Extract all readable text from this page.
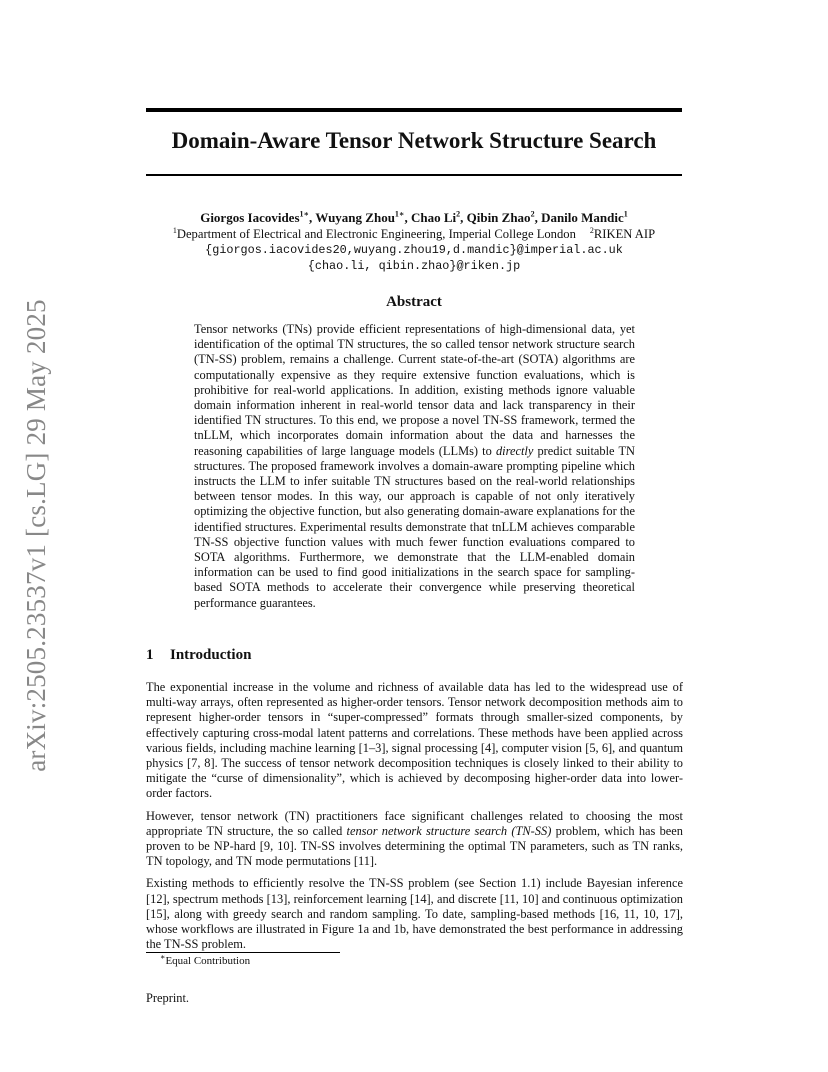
arXiv:2505.23537v1 [cs.LG] 29 May 2025
Domain-Aware Tensor Network Structure Search
Giorgos Iacovides$^{1∗}$, Wuyang Zhou$^{1∗}$, Chao Li$^2$, Qibin Zhao$^2$, Danilo Mandic$^1$
$^1$Department of Electrical and Electronic Engineering, Imperial College London $^2$RIKEN AIP
{giorgos.iacovides20,wuyang.zhou19,d.mandic}@imperial.ac.uk
{chao.li, qibin.zhao}@riken.jp
Abstract

Tensor networks (TNs) provide efficient representations of high-dimensional data, yet identification of the optimal TN structures, the so called tensor network structure search (TN-SS) problem, remains a challenge. Current state-of-the-art (SOTA) algorithms are computationally expensive as they require extensive function evaluations, which is prohibitive for real-world applications. In addition, existing methods ignore valuable domain information inherent in real-world tensor data and lack transparency in their identified TN structures. To this end, we propose a novel TN-SS framework, termed the tnLLM, which incorporates domain information about the data and harnesses the reasoning capabilities of large language models (LLMs) to directly predict suitable TN structures. The proposed framework involves a domain-aware prompting pipeline which instructs the LLM to infer suitable TN structures based on the real-world relationships between tensor modes. In this way, our approach is capable of not only iteratively optimizing the objective function, but also generating domain-aware explanations for the identified structures. Experimental results demonstrate that tnLLM achieves comparable TN-SS objective function values with much fewer function evaluations compared to SOTA algorithms. Furthermore, we demonstrate that the LLM-enabled domain information can be used to find good initializations in the search space for sampling-based SOTA methods to accelerate their convergence while preserving theoretical performance guarantees.

1 Introduction

The exponential increase in the volume and richness of available data has led to the widespread use of multi-way arrays, often represented as higher-order tensors. Tensor network decomposition methods aim to represent higher-order tensors in “super-compressed” formats through smaller-sized components, by effectively capturing cross-modal latent patterns and correlations. These methods have been applied across various fields, including machine learning [1–3], signal processing [4], computer vision [5, 6], and quantum physics [7, 8]. The success of tensor network decomposition techniques is closely linked to their ability to mitigate the “curse of dimensionality”, which is achieved by decomposing higher-order data into lower-order factors.

However, tensor network (TN) practitioners face significant challenges related to choosing the most appropriate TN structure, the so called tensor network structure search (TN-SS) problem, which has been proven to be NP-hard [9, 10]. TN-SS involves determining the optimal TN parameters, such as TN ranks, TN topology, and TN mode permutations [11].

Existing methods to efficiently resolve the TN-SS problem (see Section 1.1) include Bayesian inference [12], spectrum methods [13], reinforcement learning [14], and discrete [11, 10] and continuous optimization [15], along with greedy search and random sampling. To date, sampling-based methods [16, 11, 10, 17], whose workflows are illustrated in Figure 1a and 1b, have demonstrated the best performance in addressing the TN-SS problem.

∗Equal Contribution
Preprint.
